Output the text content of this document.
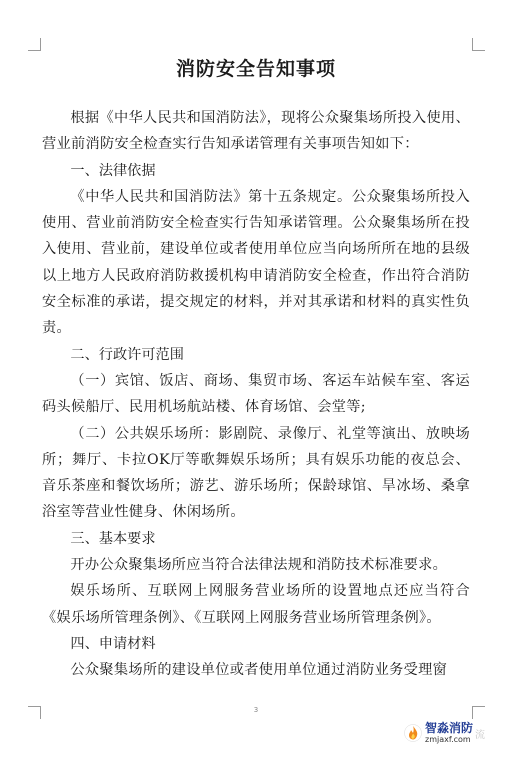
消防安全告知事项

根据《中华人民共和国消防法》，现将公众聚集场所投入使用、营业前消防安全检查实行告知承诺管理有关事项告知如下：

一、法律依据

《中华人民共和国消防法》第十五条规定。公众聚集场所投入使用、营业前消防安全检查实行告知承诺管理。公众聚集场所在投入使用、营业前，建设单位或者使用单位应当向场所所在地的县级以上地方人民政府消防救援机构申请消防安全检查，作出符合消防安全标准的承诺，提交规定的材料，并对其承诺和材料的真实性负责。

二、行政许可范围

（一）宾馆、饭店、商场、集贸市场、客运车站候车室、客运码头候船厅、民用机场航站楼、体育场馆、会堂等;

（二）公共娱乐场所：影剧院、录像厅、礼堂等演出、放映场所；舞厅、卡拉OK厅等歌舞娱乐场所；具有娱乐功能的夜总会、音乐茶座和餐饮场所；游艺、游乐场所；保龄球馆、旱冰场、桑拿浴室等营业性健身、休闲场所。

三、基本要求

开办公众聚集场所应当符合法律法规和消防技术标准要求。

娱乐场所、互联网上网服务营业场所的设置地点还应当符合《娱乐场所管理条例》、《互联网上网服务营业场所管理条例》。

四、申请材料

公众聚集场所的建设单位或者使用单位通过消防业务受理窗

3
智淼消防
zmjaxf.com 流
